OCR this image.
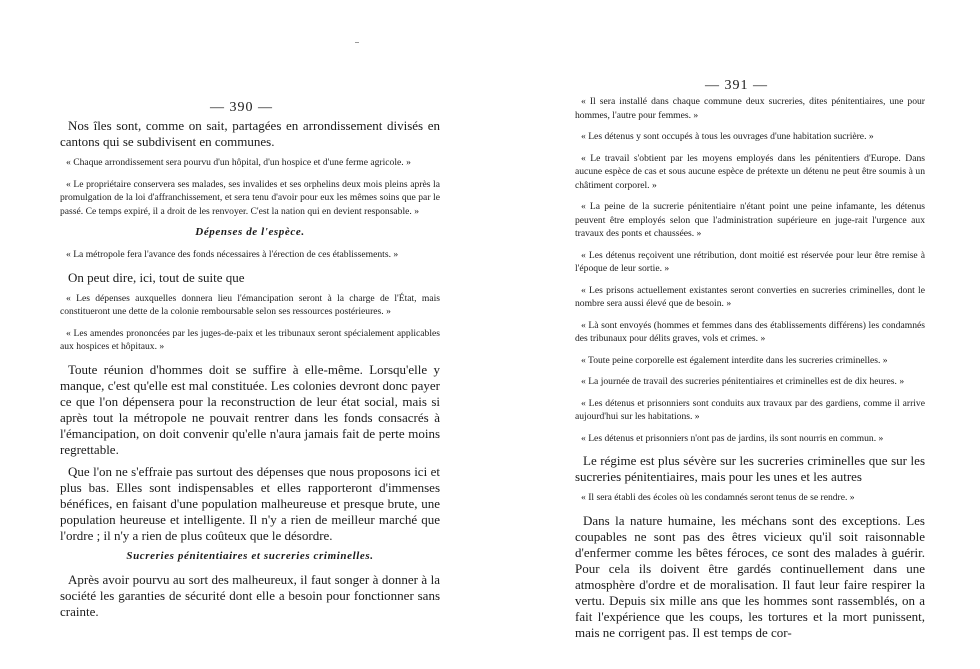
— 390 —

Nos îles sont, comme on sait, partagées en arrondissement divisés en cantons qui se subdivisent en communes.

« Chaque arrondissement sera pourvu d'un hôpital, d'un hospice et d'une ferme agricole. »

« Le propriétaire conservera ses malades, ses invalides et ses orphelins deux mois pleins après la promulgation de la loi d'affranchissement, et sera tenu d'avoir pour eux les mêmes soins que par le passé. Ce temps expiré, il a droit de les renvoyer. C'est la nation qui en devient responsable. »

Dépenses de l'espèce.

« La métropole fera l'avance des fonds nécessaires à l'érection de ces établissements. »

On peut dire, ici, tout de suite que

« Les dépenses auxquelles donnera lieu l'émancipation seront à la charge de l'État, mais constitueront une dette de la colonie remboursable selon ses ressources postérieures. »

« Les amendes prononcées par les juges-de-paix et les tribunaux seront spécialement applicables aux hospices et hôpitaux. »

Toute réunion d'hommes doit se suffire à elle-même. Lorsqu'elle y manque, c'est qu'elle est mal constituée. Les colonies devront donc payer ce que l'on dépensera pour la reconstruction de leur état social, mais si après tout la métropole ne pouvait rentrer dans les fonds consacrés à l'émancipation, on doit convenir qu'elle n'aura jamais fait de perte moins regrettable.

Que l'on ne s'effraie pas surtout des dépenses que nous proposons ici et plus bas. Elles sont indispensables et elles rapporteront d'immenses bénéfices, en faisant d'une population malheureuse et presque brute, une population heureuse et intelligente. Il n'y a rien de meilleur marché que l'ordre ; il n'y a rien de plus coûteux que le désordre.

Sucreries pénitentiaires et sucreries criminelles.

Après avoir pourvu au sort des malheureux, il faut songer à donner à la société les garanties de sécurité dont elle a besoin pour fonctionner sans crainte.

— 391 —

« Il sera installé dans chaque commune deux sucreries, dites pénitentiaires, une pour hommes, l'autre pour femmes. »

« Les détenus y sont occupés à tous les ouvrages d'une habitation sucrière. »

« Le travail s'obtient par les moyens employés dans les pénitentiers d'Europe. Dans aucune espèce de cas et sous aucune espèce de prétexte un détenu ne peut être soumis à un châtiment corporel. »

« La peine de la sucrerie pénitentiaire n'étant point une peine infamante, les détenus peuvent être employés selon que l'administration supérieure en juge-rait l'urgence aux travaux des ponts et chaussées. »

« Les détenus reçoivent une rétribution, dont moitié est réservée pour leur être remise à l'époque de leur sortie. »

« Les prisons actuellement existantes seront converties en sucreries criminelles, dont le nombre sera aussi élevé que de besoin. »

« Là sont envoyés (hommes et femmes dans des établissements différens) les condamnés des tribunaux pour délits graves, vols et crimes. »

« Toute peine corporelle est également interdite dans les sucreries criminelles. »

« La journée de travail des sucreries pénitentiaires et criminelles est de dix heures. »

« Les détenus et prisonniers sont conduits aux travaux par des gardiens, comme il arrive aujourd'hui sur les habitations. »

« Les détenus et prisonniers n'ont pas de jardins, ils sont nourris en commun. »

Le régime est plus sévère sur les sucreries criminelles que sur les sucreries pénitentiaires, mais pour les unes et les autres

« Il sera établi des écoles où les condamnés seront tenus de se rendre. »

Dans la nature humaine, les méchans sont des exceptions. Les coupables ne sont pas des êtres vicieux qu'il soit raisonnable d'enfermer comme les bêtes féroces, ce sont des malades à guérir. Pour cela ils doivent être gardés continuellement dans une atmosphère d'ordre et de moralisation. Il faut leur faire respirer la vertu. Depuis six mille ans que les hommes sont rassemblés, on a fait l'expérience que les coups, les tortures et la mort punissent, mais ne corrigent pas. Il est temps de cor-
